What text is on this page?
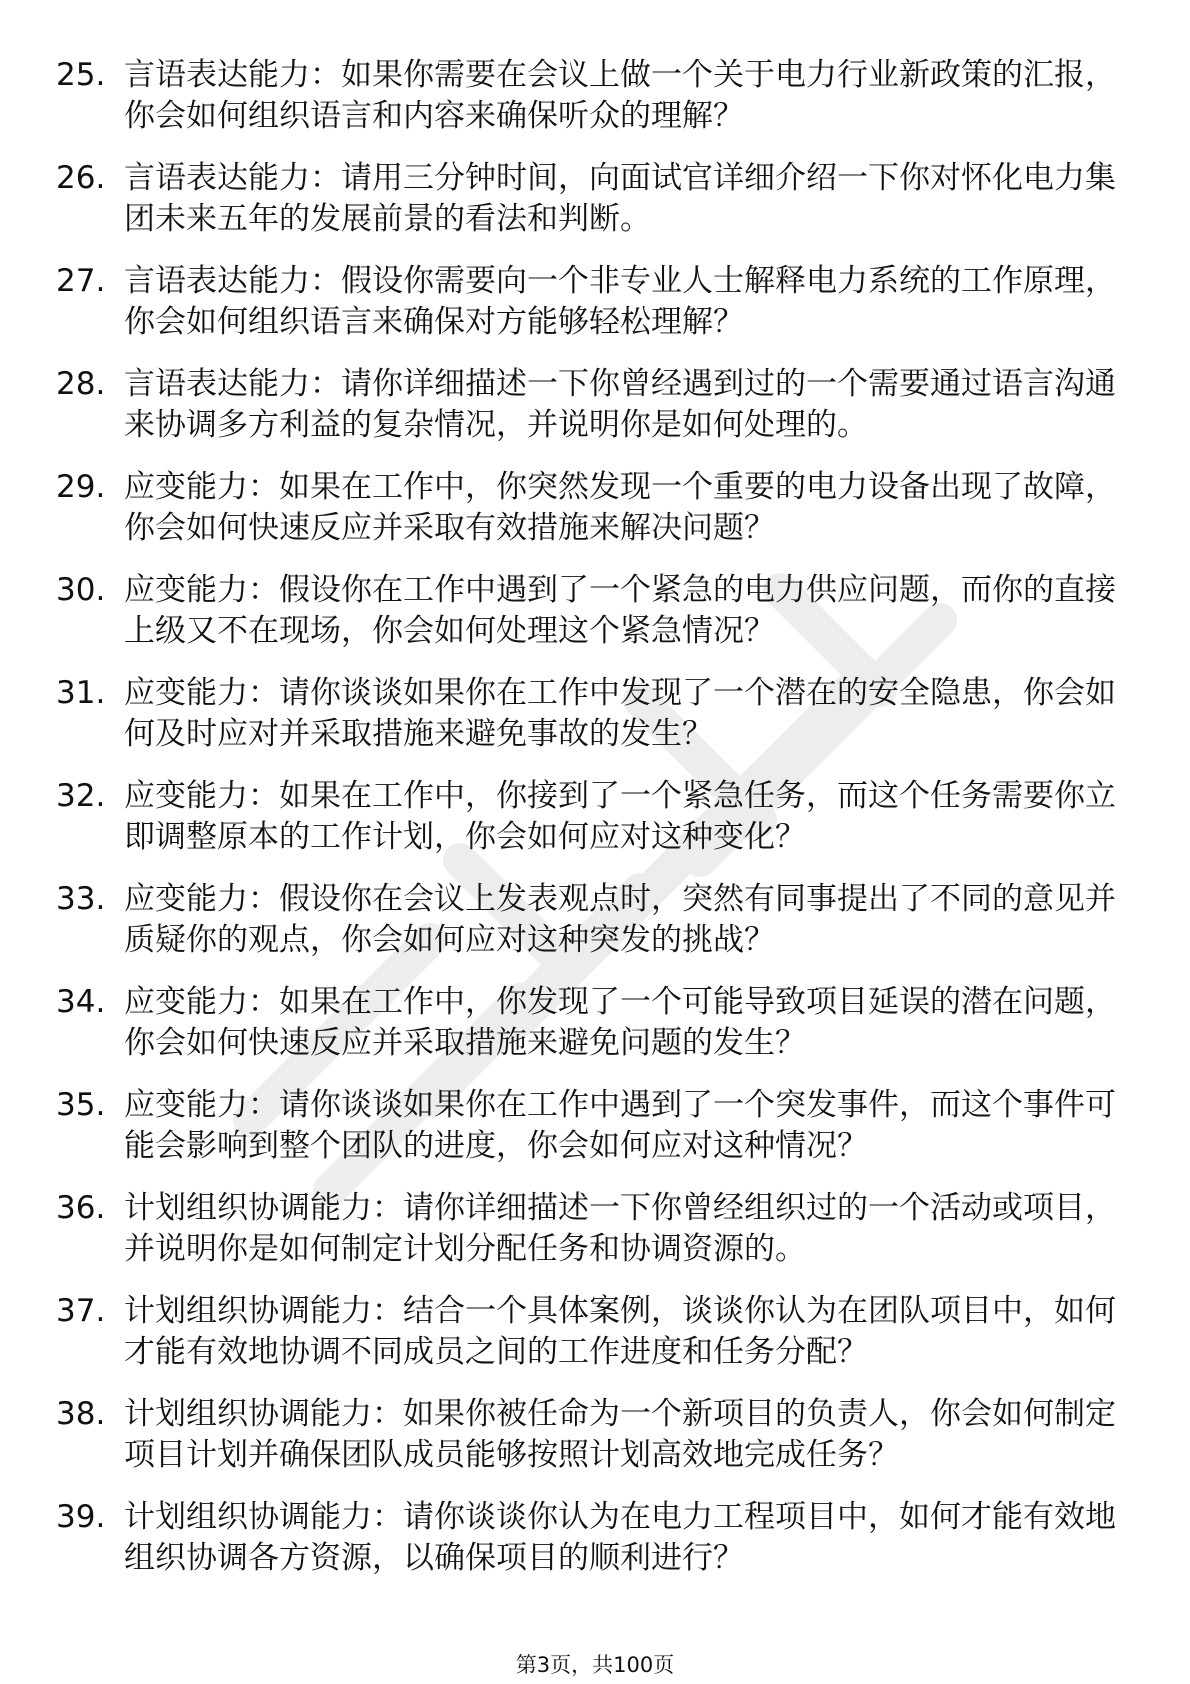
25. 言语表达能力：如果你需要在会议上做一个关于电力行业新政策的汇报，你会如何组织语言和内容来确保听众的理解？
26. 言语表达能力：请用三分钟时间，向面试官详细介绍一下你对怀化电力集团未来五年的发展前景的看法和判断。
27. 言语表达能力：假设你需要向一个非专业人士解释电力系统的工作原理，你会如何组织语言来确保对方能够轻松理解？
28. 言语表达能力：请你详细描述一下你曾经遇到过的一个需要通过语言沟通来协调多方利益的复杂情况，并说明你是如何处理的。
29. 应变能力：如果在工作中，你突然发现一个重要的电力设备出现了故障，你会如何快速反应并采取有效措施来解决问题？
30. 应变能力：假设你在工作中遇到了一个紧急的电力供应问题，而你的直接上级又不在现场，你会如何处理这个紧急情况？
31. 应变能力：请你谈谈如果你在工作中发现了一个潜在的安全隐患，你会如何及时应对并采取措施来避免事故的发生？
32. 应变能力：如果在工作中，你接到了一个紧急任务，而这个任务需要你立即调整原本的工作计划，你会如何应对这种变化？
33. 应变能力：假设你在会议上发表观点时，突然有同事提出了不同的意见并质疑你的观点，你会如何应对这种突发的挑战？
34. 应变能力：如果在工作中，你发现了一个可能导致项目延误的潜在问题，你会如何快速反应并采取措施来避免问题的发生？
35. 应变能力：请你谈谈如果你在工作中遇到了一个突发事件，而这个事件可能会影响到整个团队的进度，你会如何应对这种情况？
36. 计划组织协调能力：请你详细描述一下你曾经组织过的一个活动或项目，并说明你是如何制定计划分配任务和协调资源的。
37. 计划组织协调能力：结合一个具体案例，谈谈你认为在团队项目中，如何才能有效地协调不同成员之间的工作进度和任务分配？
38. 计划组织协调能力：如果你被任命为一个新项目的负责人，你会如何制定项目计划并确保团队成员能够按照计划高效地完成任务？
39. 计划组织协调能力：请你谈谈你认为在电力工程项目中，如何才能有效地组织协调各方资源，以确保项目的顺利进行？
第3页，共100页
